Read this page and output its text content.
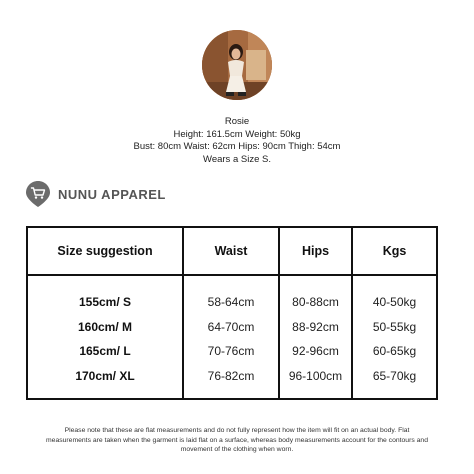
Rosie
Height: 161.5cm Weight: 50kg
Bust: 80cm Waist: 62cm Hips: 90cm Thigh: 54cm
Wears a Size S.
NUNU APPAREL
Size suggestion	Waist	Hips	Kgs

155cm/ S	58-64cm	80-88cm	40-50kg
160cm/ M	64-70cm	88-92cm	50-55kg
165cm/ L	70-76cm	92-96cm	60-65kg
170cm/ XL	76-82cm	96-100cm	65-70kg

Please note that these are flat measurements and do not fully represent how the item will fit on an actual body. Flat
measurements are taken when the garment is laid flat on a surface, whereas body measurements account for the contours and
movement of the clothing when worn.
